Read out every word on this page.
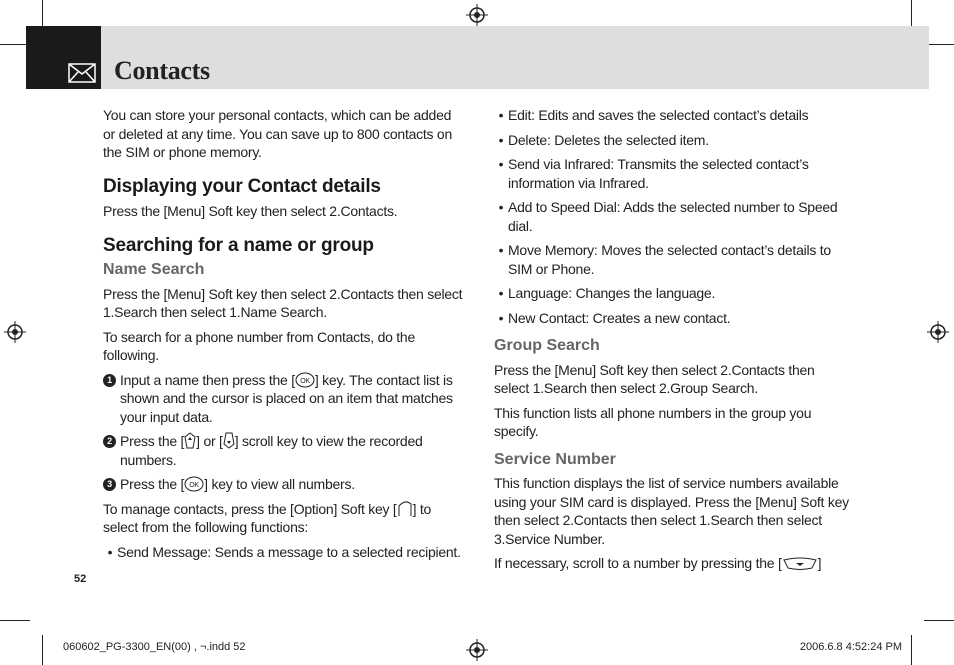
Contacts

You can store your personal contacts, which can be added or deleted at any time. You can save up to 800 contacts on the SIM or phone memory.

Displaying your Contact details

Press the [Menu] Soft key then select 2.Contacts.

Searching for a name or group
Name Search

Press the [Menu] Soft key then select 2.Contacts then select 1.Search then select 1.Name Search.

To search for a phone number from Contacts, do the following.

1 Input a name then press the [ OK ] key. The contact list is shown and the cursor is placed on an item that matches your input data.
2 Press the [ ] or [ ] scroll key to view the recorded numbers.
3 Press the [ OK ] key to view all numbers.

To manage contacts, press the [Option] Soft key [ ] to select from the following functions:

• Send Message: Sends a message to a selected recipient.
• Edit: Edits and saves the selected contact’s details
• Delete: Deletes the selected item.
• Send via Infrared: Transmits the selected contact’s information via Infrared.
• Add to Speed Dial: Adds the selected number to Speed dial.
• Move Memory: Moves the selected contact’s details to SIM or Phone.
• Language: Changes the language.
• New Contact: Creates a new contact.
Group Search

Press the [Menu] Soft key then select 2.Contacts then select 1.Search then select 2.Group Search.

This function lists all phone numbers in the group you specify.

Service Number

This function displays the list of service numbers available using your SIM card is displayed. Press the [Menu] Soft key then select 2.Contacts then select 1.Search then select 3.Service Number.

If necessary, scroll to a number by pressing the [	]

52
060602_PG-3300_EN(00) , ¬.indd 52	2006.6.8 4:52:24 PM
